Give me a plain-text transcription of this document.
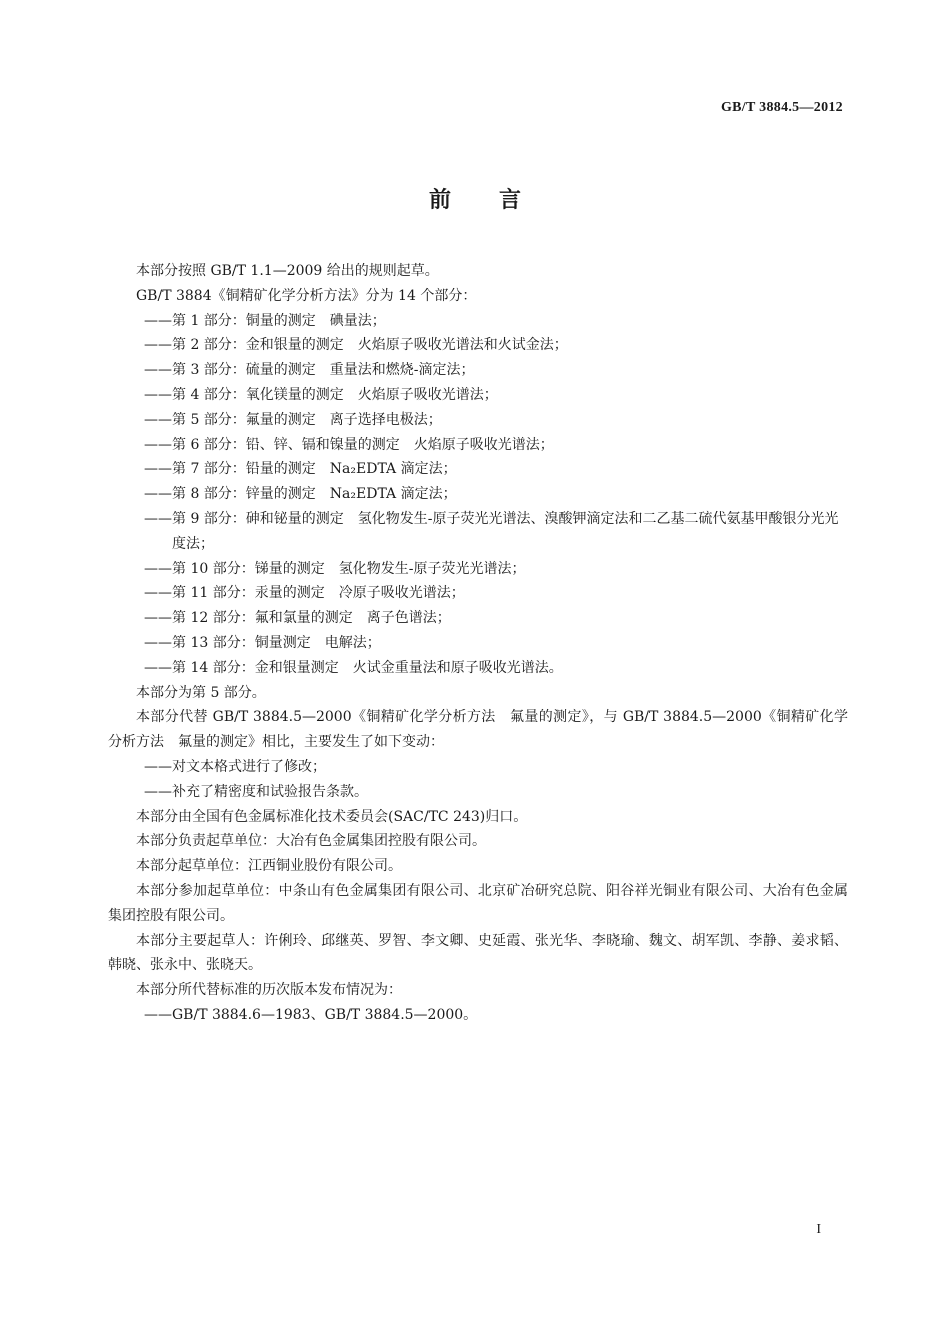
GB/T 3884.5—2012
前 言

本部分按照 GB/T 1.1—2009 给出的规则起草。

GB/T 3884《铜精矿化学分析方法》分为 14 个部分：

——第 1 部分：铜量的测定　碘量法；

——第 2 部分：金和银量的测定　火焰原子吸收光谱法和火试金法；

——第 3 部分：硫量的测定　重量法和燃烧-滴定法；

——第 4 部分：氧化镁量的测定　火焰原子吸收光谱法；

——第 5 部分：氟量的测定　离子选择电极法；

——第 6 部分：铅、锌、镉和镍量的测定　火焰原子吸收光谱法；

——第 7 部分：铅量的测定　Na₂EDTA 滴定法；

——第 8 部分：锌量的测定　Na₂EDTA 滴定法；

——第 9 部分：砷和铋量的测定　氢化物发生-原子荧光光谱法、溴酸钾滴定法和二乙基二硫代氨基甲酸银分光光度法；

——第 10 部分：锑量的测定　氢化物发生-原子荧光光谱法；

——第 11 部分：汞量的测定　冷原子吸收光谱法；

——第 12 部分：氟和氯量的测定　离子色谱法；

——第 13 部分：铜量测定　电解法；

——第 14 部分：金和银量测定　火试金重量法和原子吸收光谱法。

本部分为第 5 部分。

本部分代替 GB/T 3884.5—2000《铜精矿化学分析方法　氟量的测定》，与 GB/T 3884.5—2000《铜精矿化学分析方法　氟量的测定》相比，主要发生了如下变动：

——对文本格式进行了修改；

——补充了精密度和试验报告条款。

本部分由全国有色金属标准化技术委员会(SAC/TC 243)归口。

本部分负责起草单位：大冶有色金属集团控股有限公司。

本部分起草单位：江西铜业股份有限公司。

本部分参加起草单位：中条山有色金属集团有限公司、北京矿冶研究总院、阳谷祥光铜业有限公司、大冶有色金属集团控股有限公司。

本部分主要起草人：许俐玲、邱继英、罗智、李文卿、史延霞、张光华、李晓瑜、魏文、胡军凯、李静、姜求韬、韩晓、张永中、张晓天。

本部分所代替标准的历次版本发布情况为：

——GB/T 3884.6—1983、GB/T 3884.5—2000。

I
